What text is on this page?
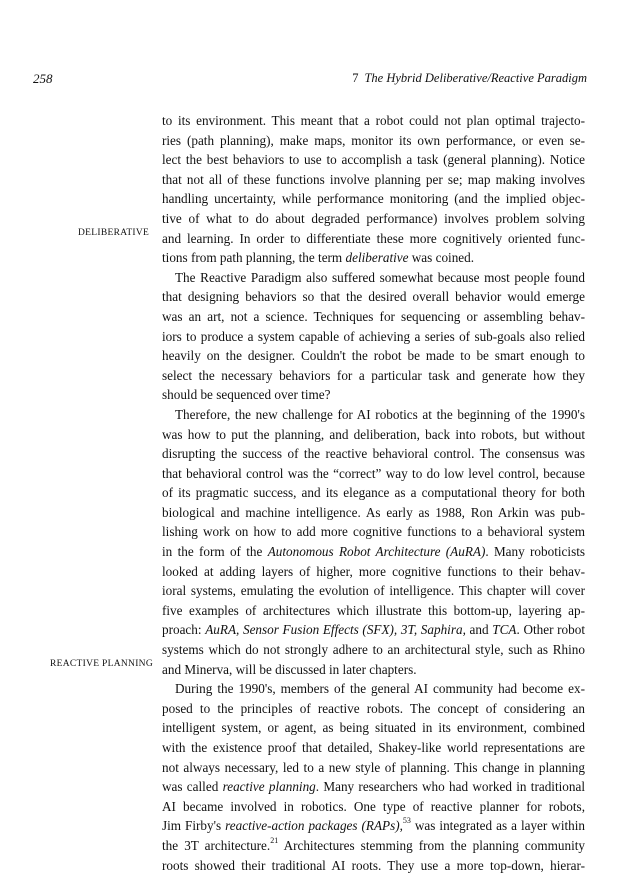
258	7 The Hybrid Deliberative/Reactive Paradigm
DELIBERATIVE
REACTIVE PLANNING
to its environment. This meant that a robot could not plan optimal trajecto-
ries (path planning), make maps, monitor its own performance, or even se-
lect the best behaviors to use to accomplish a task (general planning). Notice
that not all of these functions involve planning per se; map making involves
handling uncertainty, while performance monitoring (and the implied objec-
tive of what to do about degraded performance) involves problem solving
and learning. In order to differentiate these more cognitively oriented func-
tions from path planning, the term deliberative was coined.
The Reactive Paradigm also suffered somewhat because most people found
that designing behaviors so that the desired overall behavior would emerge
was an art, not a science. Techniques for sequencing or assembling behav-
iors to produce a system capable of achieving a series of sub-goals also relied
heavily on the designer. Couldn't the robot be made to be smart enough to
select the necessary behaviors for a particular task and generate how they
should be sequenced over time?
Therefore, the new challenge for AI robotics at the beginning of the 1990's
was how to put the planning, and deliberation, back into robots, but without
disrupting the success of the reactive behavioral control. The consensus was
that behavioral control was the “correct” way to do low level control, because
of its pragmatic success, and its elegance as a computational theory for both
biological and machine intelligence. As early as 1988, Ron Arkin was pub-
lishing work on how to add more cognitive functions to a behavioral system
in the form of the Autonomous Robot Architecture (AuRA). Many roboticists
looked at adding layers of higher, more cognitive functions to their behav-
ioral systems, emulating the evolution of intelligence. This chapter will cover
five examples of architectures which illustrate this bottom-up, layering ap-
proach: AuRA, Sensor Fusion Effects (SFX), 3T, Saphira, and TCA. Other robot
systems which do not strongly adhere to an architectural style, such as Rhino
and Minerva, will be discussed in later chapters.
During the 1990's, members of the general AI community had become ex-
posed to the principles of reactive robots. The concept of considering an
intelligent system, or agent, as being situated in its environment, combined
with the existence proof that detailed, Shakey-like world representations are
not always necessary, led to a new style of planning. This change in planning
was called reactive planning. Many researchers who had worked in traditional
AI became involved in robotics. One type of reactive planner for robots,
Jim Firby's reactive-action packages (RAPs),$^{53}$ was integrated as a layer within
the 3T architecture.$^{21}$ Architectures stemming from the planning community
roots showed their traditional AI roots. They use a more top-down, hierar-
